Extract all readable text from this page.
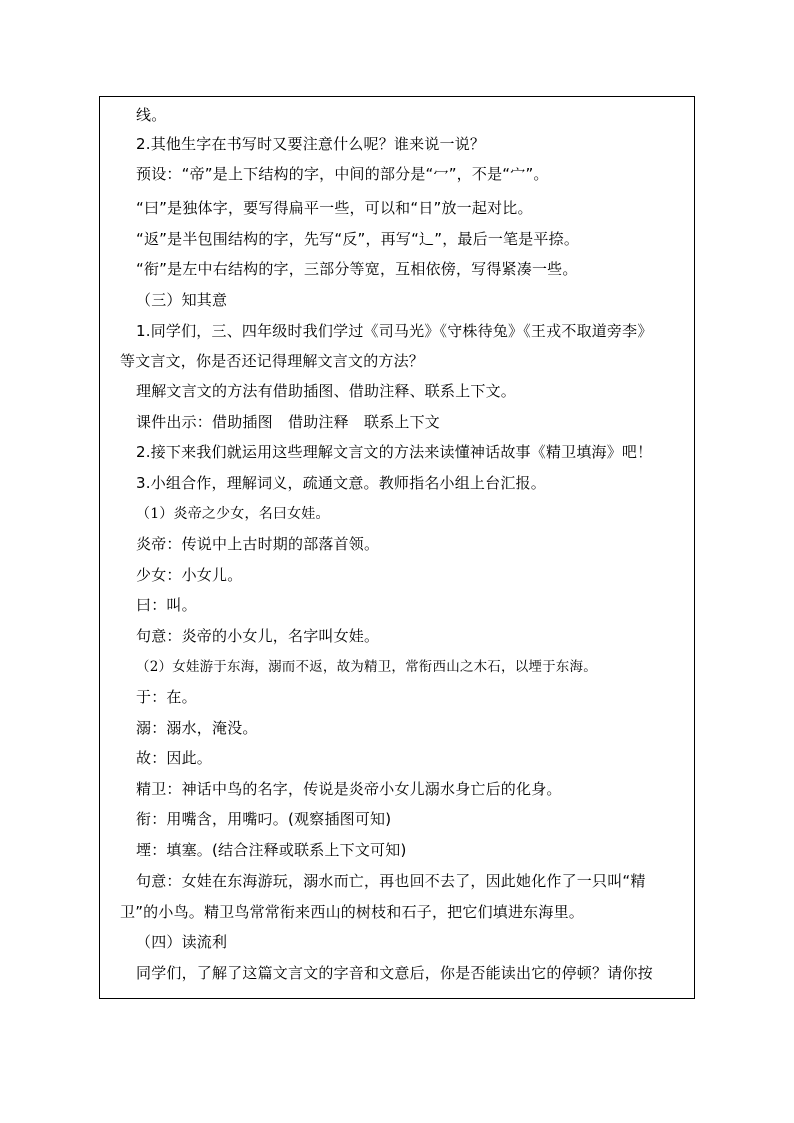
线。
2.其他生字在书写时又要注意什么呢？谁来说一说？
预设：“帝”是上下结构的字，中间的部分是“冖”，不是“宀”。
“曰”是独体字，要写得扁平一些，可以和“日”放一起对比。
“返”是半包围结构的字，先写“反”，再写“辶”，最后一笔是平捺。
“衔”是左中右结构的字，三部分等宽，互相依傍，写得紧凑一些。
（三）知其意
1.同学们，三、四年级时我们学过《司马光》《守株待兔》《王戎不取道旁李》
等文言文，你是否还记得理解文言文的方法？
理解文言文的方法有借助插图、借助注释、联系上下文。
课件出示：借助插图　借助注释　联系上下文
2.接下来我们就运用这些理解文言文的方法来读懂神话故事《精卫填海》吧！
3.小组合作，理解词义，疏通文意。教师指名小组上台汇报。
（1）炎帝之少女，名曰女娃。
炎帝：传说中上古时期的部落首领。
少女：小女儿。
曰：叫。
句意：炎帝的小女儿，名字叫女娃。
（2）女娃游于东海，溺而不返，故为精卫，常衔西山之木石，以堙于东海。
于：在。
溺：溺水，淹没。
故：因此。
精卫：神话中鸟的名字，传说是炎帝小女儿溺水身亡后的化身。
衔：用嘴含，用嘴叼。(观察插图可知)
堙：填塞。(结合注释或联系上下文可知)
句意：女娃在东海游玩，溺水而亡，再也回不去了，因此她化作了一只叫“精
卫”的小鸟。精卫鸟常常衔来西山的树枝和石子，把它们填进东海里。
（四）读流利
同学们，了解了这篇文言文的字音和文意后，你是否能读出它的停顿？请你按
